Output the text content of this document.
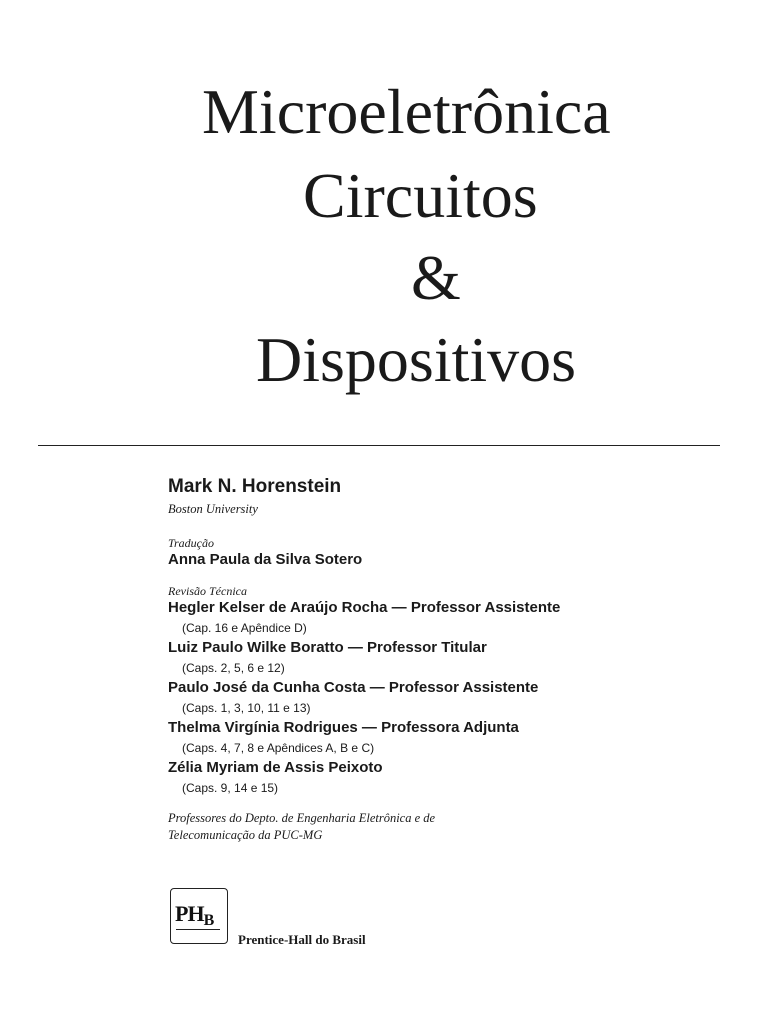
Microeletrônica
Circuitos
&
Dispositivos
Mark N. Horenstein
Boston University
Tradução
Anna Paula da Silva Sotero
Revisão Técnica
Hegler Kelser de Araújo Rocha — Professor Assistente
(Cap. 16 e Apêndice D)
Luiz Paulo Wilke Boratto — Professor Titular
(Caps. 2, 5, 6 e 12)
Paulo José da Cunha Costa — Professor Assistente
(Caps. 1, 3, 10, 11 e 13)
Thelma Virgínia Rodrigues — Professora Adjunta
(Caps. 4, 7, 8 e Apêndices A, B e C)
Zélia Myriam de Assis Peixoto
(Caps. 9, 14 e 15)
Professores do Depto. de Engenharia Eletrônica e de
Telecomunicação da PUC-MG
PHB
Prentice-Hall do Brasil
